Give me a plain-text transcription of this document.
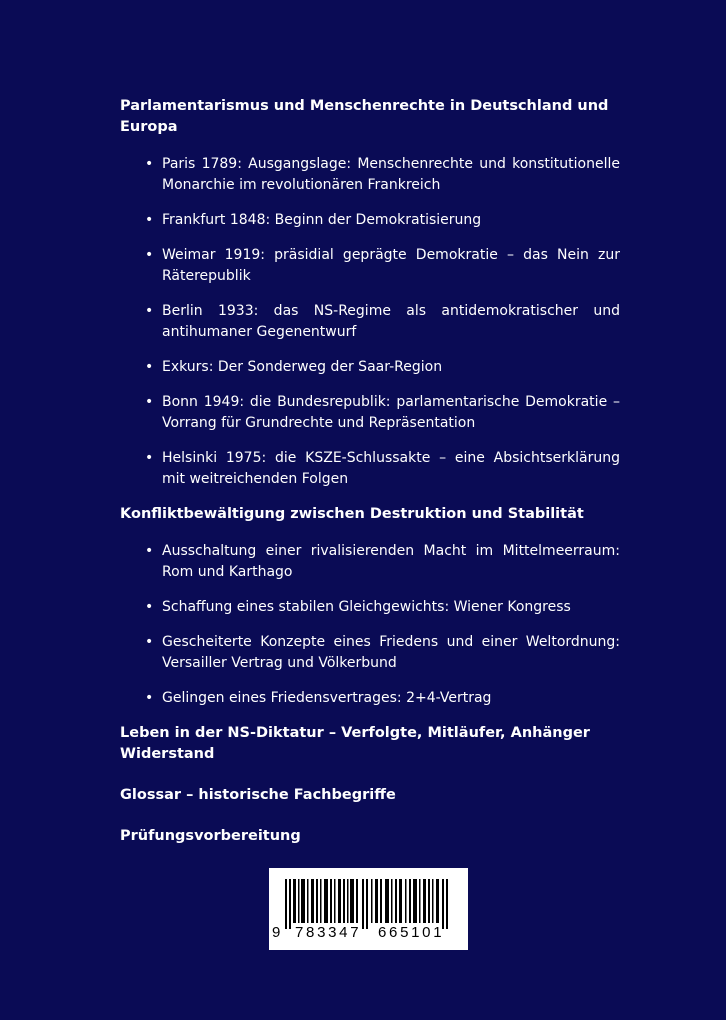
Parlamentarismus und Menschenrechte in Deutschland und Europa
• Paris 1789: Ausgangslage: Menschenrechte und konstitutionelle Monarchie im revolutionären Frankreich
• Frankfurt 1848: Beginn der Demokratisierung
• Weimar 1919: präsidial geprägte Demokratie – das Nein zur Räterepublik
• Berlin 1933: das NS-Regime als antidemokratischer und antihumaner Gegenentwurf
• Exkurs: Der Sonderweg der Saar-Region
• Bonn 1949: die Bundesrepublik: parlamentarische Demokratie – Vorrang für Grundrechte und Repräsentation
• Helsinki 1975: die KSZE-Schlussakte – eine Absichtserklärung mit weitreichenden Folgen
Konfliktbewältigung zwischen Destruktion und Stabilität
• Ausschaltung einer rivalisierenden Macht im Mittelmeerraum: Rom und Karthago
• Schaffung eines stabilen Gleichgewichts: Wiener Kongress
• Gescheiterte Konzepte eines Friedens und einer Weltordnung: Versailler Vertrag und Völkerbund
• Gelingen eines Friedensvertrages: 2+4-Vertrag
Leben in der NS-Diktatur – Verfolgte, Mitläufer, Anhänger Widerstand
Glossar – historische Fachbegriffe
Prüfungsvorbereitung
9 783347 665101
